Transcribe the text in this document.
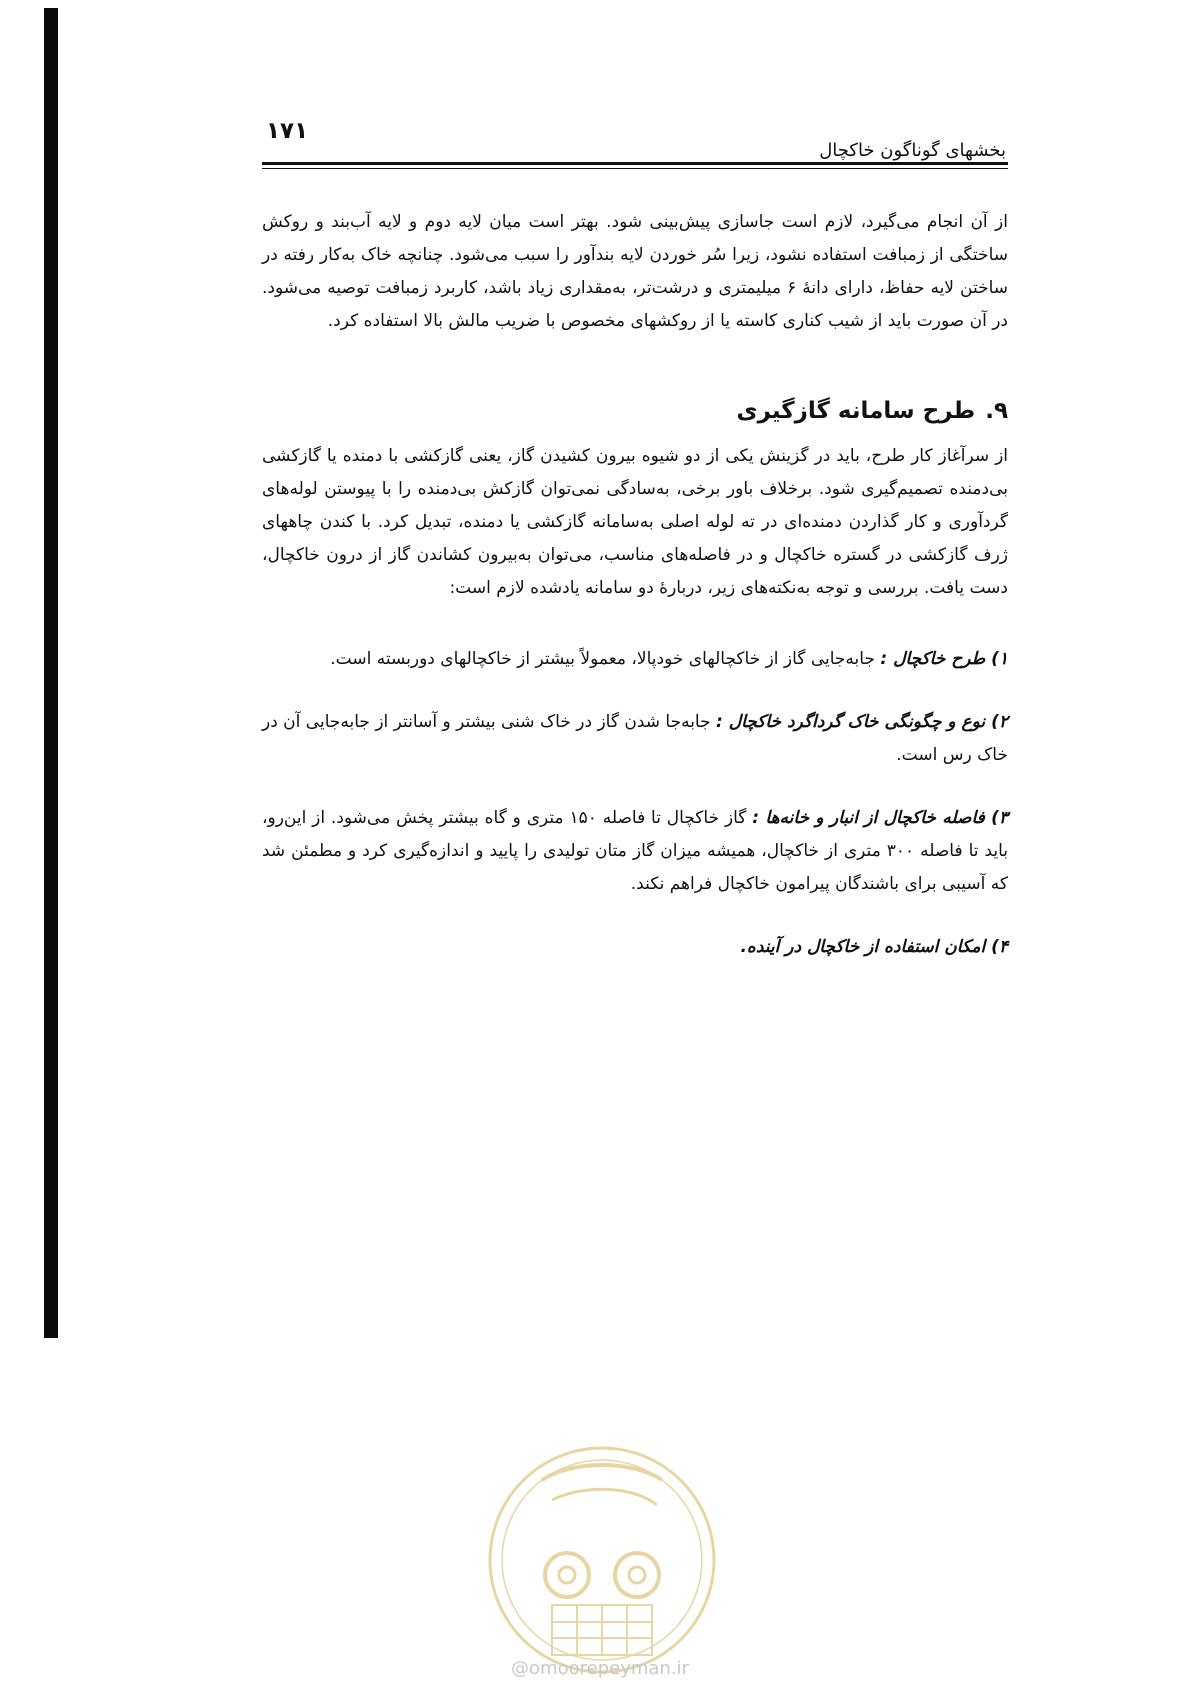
۱۷۱
بخشهای گوناگون خاکچال

از آن انجام می‌گیرد، لازم است جاسازی پیش‌بینی شود. بهتر است میان لایه دوم و لایه آب‌بند و روکش ساختگی از زمبافت استفاده نشود، زیرا سُر خوردن لایه بندآور را سبب می‌شود. چنانچه خاک به‌کار رفته در ساختن لایه حفاظ، دارای دانهٔ ۶ میلیمتری و درشت‌تر، به‌مقداری زیاد باشد، کاربرد زمبافت توصیه می‌شود. در آن صورت باید از شیب کناری کاسته یا از روکشهای مخصوص با ضریب مالش بالا استفاده کرد.

۹.طرح سامانه گازگیری

از سرآغاز کار طرح، باید در گزینش یکی از دو شیوه بیرون کشیدن گاز، یعنی گازکشی با دمنده یا گازکشی بی‌دمنده تصمیم‌گیری شود. برخلاف باور برخی، به‌سادگی نمی‌توان گازکش بی‌دمنده را با پیوستن لوله‌های گردآوری و کار گذاردن دمنده‌ای در ته لوله اصلی به‌سامانه گازکشی یا دمنده، تبدیل کرد. با کندن چاههای ژرف گازکشی در گستره خاکچال و در فاصله‌های مناسب، می‌توان به‌بیرون کشاندن گاز از درون خاکچال، دست یافت. بررسی و توجه به‌نکته‌های زیر، دربارهٔ دو سامانه یادشده لازم است:

۱) طرح خاکچال : جابه‌جایی گاز از خاکچالهای خودپالا، معمولاً بیشتر از خاکچالهای دوربسته است.

۲) نوع و چگونگی خاک گرداگرد خاکچال : جابه‌جا شدن گاز در خاک شنی بیشتر و آسانتر از جابه‌جایی آن در خاک رس است.

۳) فاصله خاکچال از انبار و خانه‌ها : گاز خاکچال تا فاصله ۱۵۰ متری و گاه بیشتر پخش می‌شود. از این‌رو، باید تا فاصله ۳۰۰ متری از خاکچال، همیشه میزان گاز متان تولیدی را پایید و اندازه‌گیری کرد و مطمئن شد که آسیبی برای باشندگان پیرامون خاکچال فراهم نکند.

۴) امکان استفاده از خاکچال در آینده.

@omoorepeyman.ir
